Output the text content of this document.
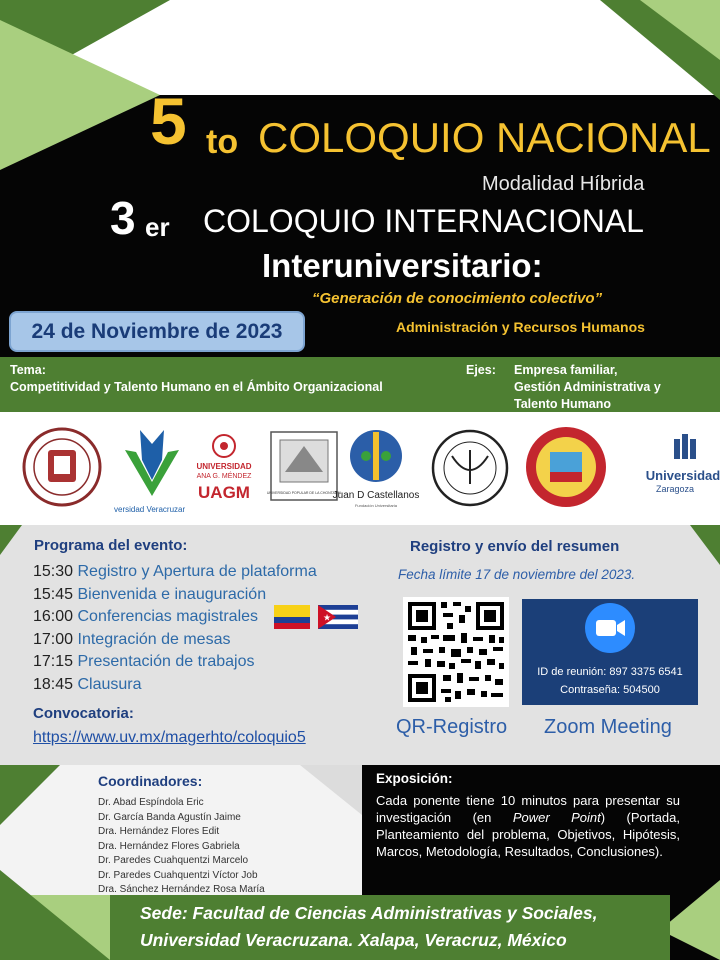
5 to COLOQUIO NACIONAL
Modalidad Híbrida
3 er COLOQUIO INTERNACIONAL
Interuniversitario:
“Generación de conocimiento colectivo”
24 de Noviembre de 2023	Administración y Recursos Humanos
Tema:
Competitividad y Talento Humano en el Ámbito Organizacional
Ejes: Empresa familiar,
Gestión Administrativa y
Talento Humano
versidad Veracruzar
UNIVERSIDAD
ANA G. MÉNDEZ
UAGM	UNIVERSIDAD POPULAR DE LA CHONTALPA
Juan D Castellanos
Fundación Universitaria
Universidad
Zaragoza
Programa del evento:
15:30 Registro y Apertura de plataforma
15:45 Bienvenida e inauguración
16:00 Conferencias magistrales
17:00 Integración de mesas
17:15 Presentación de trabajos
18:45 Clausura
★
Convocatoria:
https://www.uv.mx/magerhto/coloquio5
Registro y envío del resumen
Fecha límite 17 de noviembre del 2023.
ID de reunión: 897 3375 6541
Contraseña: 504500
QR-Registro Zoom Meeting
Coordinadores:
Dr. Abad Espíndola Eric
Dr. García Banda Agustín Jaime
Dra. Hernández Flores Edit
Dra. Hernández Flores Gabriela
Dr. Paredes Cuahquentzi Marcelo
Dr. Paredes Cuahquentzi Víctor Job
Dra. Sánchez Hernández Rosa María
Exposición:
Cada ponente tiene 10 minutos para presentar su investigación (en Power Point) (Portada, Planteamiento del problema, Objetivos, Hipótesis, Marcos, Metodología, Resultados, Conclusiones).
Sede: Facultad de Ciencias Administrativas y Sociales,
Universidad Veracruzana. Xalapa, Veracruz, México
